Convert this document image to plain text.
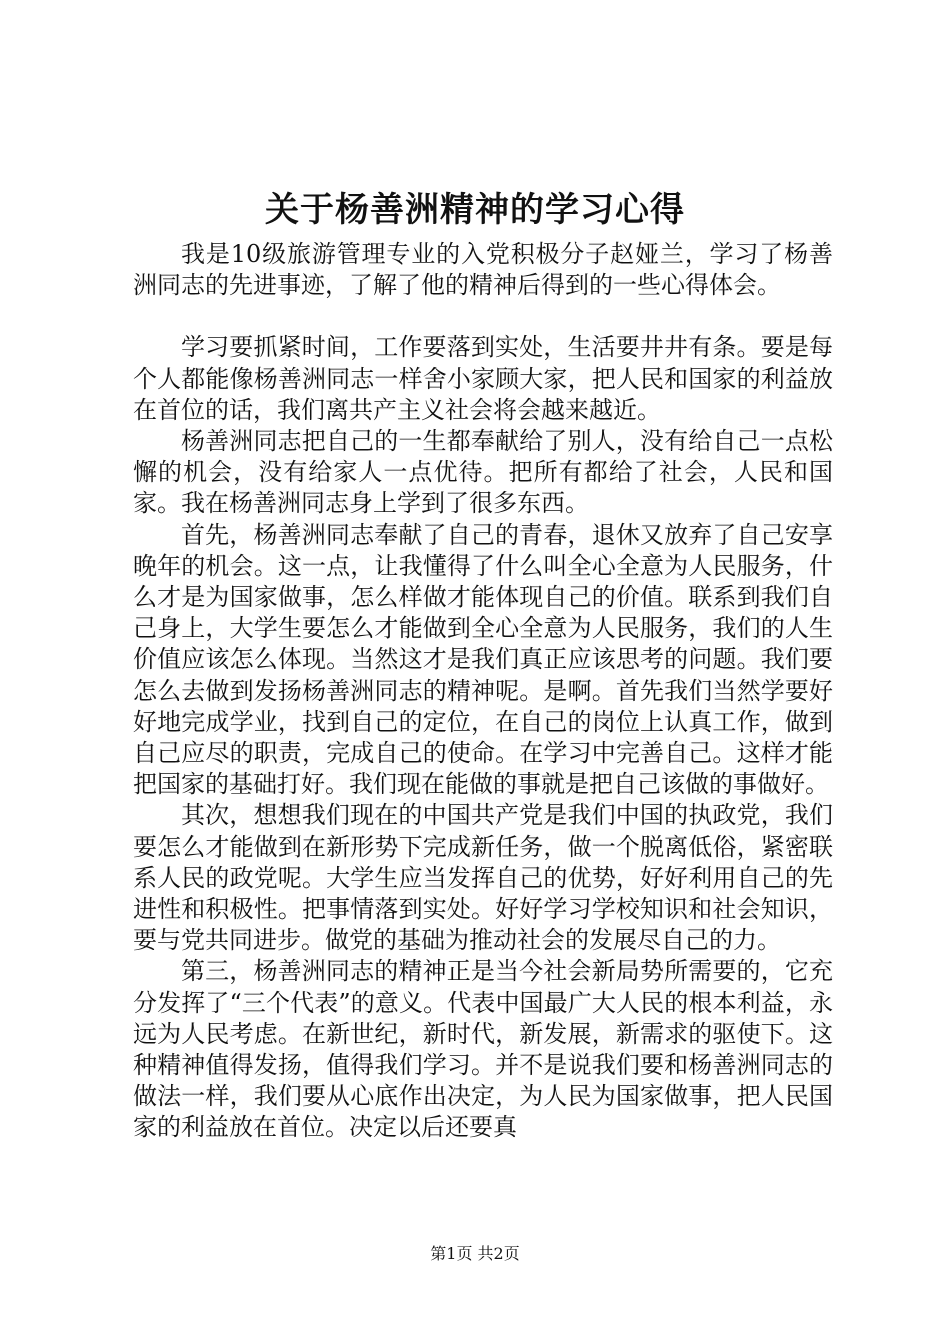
关于杨善洲精神的学习心得

我是10级旅游管理专业的入党积极分子赵娅兰，学习了杨善洲同志的先进事迹，了解了他的精神后得到的一些心得体会。

学习要抓紧时间，工作要落到实处，生活要井井有条。要是每个人都能像杨善洲同志一样舍小家顾大家，把人民和国家的利益放在首位的话，我们离共产主义社会将会越来越近。

杨善洲同志把自己的一生都奉献给了别人，没有给自己一点松懈的机会，没有给家人一点优待。把所有都给了社会，人民和国家。我在杨善洲同志身上学到了很多东西。

首先，杨善洲同志奉献了自己的青春，退休又放弃了自己安享晚年的机会。这一点，让我懂得了什么叫全心全意为人民服务，什么才是为国家做事，怎么样做才能体现自己的价值。联系到我们自己身上，大学生要怎么才能做到全心全意为人民服务，我们的人生价值应该怎么体现。当然这才是我们真正应该思考的问题。我们要怎么去做到发扬杨善洲同志的精神呢。是啊。首先我们当然学要好好地完成学业，找到自己的定位，在自己的岗位上认真工作，做到自己应尽的职责，完成自己的使命。在学习中完善自己。这样才能把国家的基础打好。我们现在能做的事就是把自己该做的事做好。

其次，想想我们现在的中国共产党是我们中国的执政党，我们要怎么才能做到在新形势下完成新任务，做一个脱离低俗，紧密联系人民的政党呢。大学生应当发挥自己的优势，好好利用自己的先进性和积极性。把事情落到实处。好好学习学校知识和社会知识，要与党共同进步。做党的基础为推动社会的发展尽自己的力。

第三，杨善洲同志的精神正是当今社会新局势所需要的，它充分发挥了“三个代表”的意义。代表中国最广大人民的根本利益，永远为人民考虑。在新世纪，新时代，新发展，新需求的驱使下。这种精神值得发扬，值得我们学习。并不是说我们要和杨善洲同志的做法一样，我们要从心底作出决定，为人民为国家做事，把人民国家的利益放在首位。决定以后还要真

第1页 共2页
